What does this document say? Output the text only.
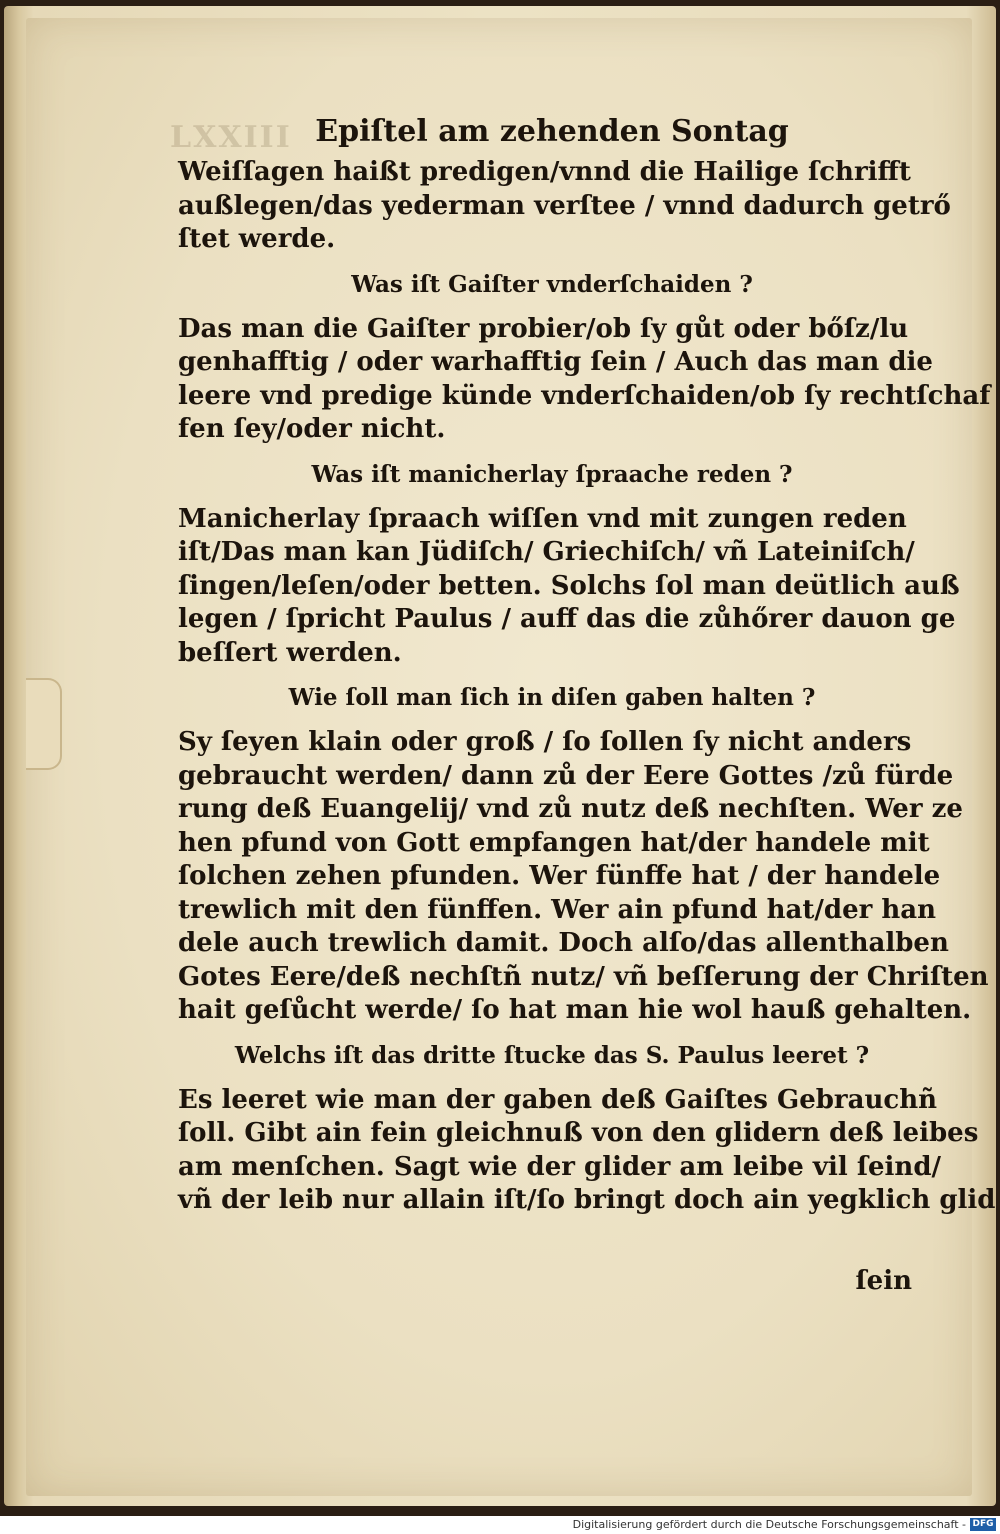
LXXIII Epiſtel am zehenden Sontag
Weiſſagen haißt predigen/vnnd die Hailige ſchrifft
außlegen/das yederman verſtee / vnnd dadurch getrő
ſtet werde.
Was iſt Gaiſter vnderſchaiden ?
Das man die Gaiſter probier/ob ſy gůt oder bőſz/lu
genhafftig / oder warhafftig ſein / Auch das man die
leere vnd predige künde vnderſchaiden/ob ſy rechtſchaf
fen ſey/oder nicht.
Was iſt manicherlay ſpraache reden ?
Manicherlay ſpraach wiſſen vnd mit zungen reden
iſt/Das man kan Jüdiſch/ Griechiſch/ vñ Lateiniſch/
ſingen/leſen/oder betten. Solchs ſol man deütlich auß
legen / ſpricht Paulus / auff das die zůhőrer dauon ge
beſſert werden.
Wie ſoll man ſich in diſen gaben halten ?
Sy ſeyen klain oder groß / ſo ſollen ſy nicht anders
gebraucht werden/ dann zů der Eere Gottes /zů fürde
rung deß Euangelij/ vnd zů nutz deß nechſten. Wer ze
hen pfund von Gott empfangen hat/der handele mit
ſolchen zehen pfunden. Wer fünffe hat / der handele
trewlich mit den fünffen. Wer ain pfund hat/der han
dele auch trewlich damit. Doch alſo/das allenthalben
Gotes Eere/deß nechſtñ nutz/ vñ beſſerung der Chriſten
hait geſůcht werde/ ſo hat man hie wol hauß gehalten.
Welchs iſt das dritte ſtucke das S. Paulus leeret ?
Es leeret wie man der gaben deß Gaiſtes Gebrauchñ
ſoll. Gibt ain fein gleichnuß von den glidern deß leibes
am menſchen. Sagt wie der glider am leibe vil ſeind/
vñ der leib nur allain iſt/ſo bringt doch ain yegklich glid
ſein
Digitalisierung gefördert durch die Deutsche Forschungsgemeinschaft - DFG
